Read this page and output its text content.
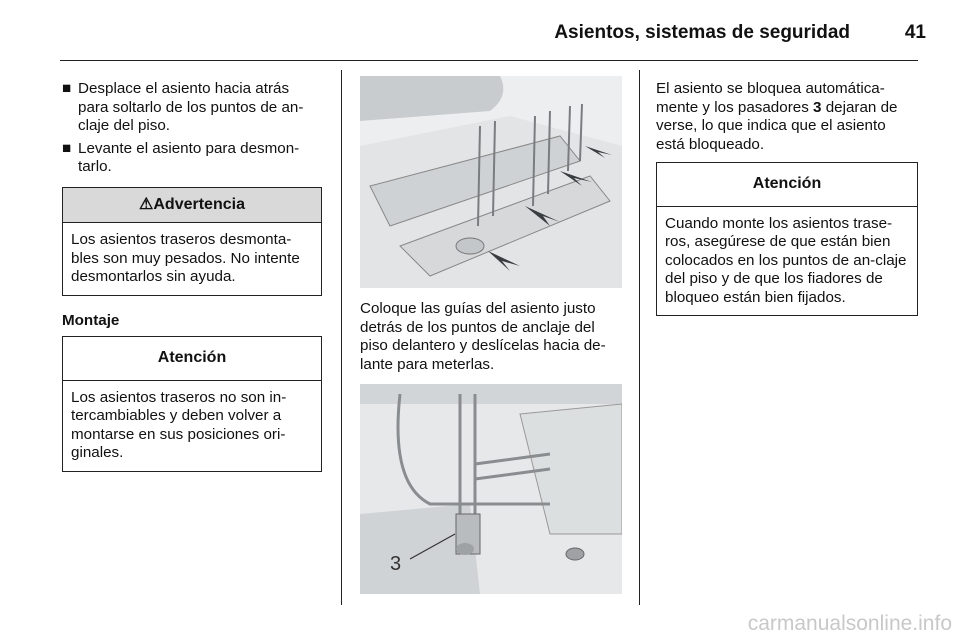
Asientos, sistemas de seguridad	41
■ Desplace el asiento hacia atrás para soltarlo de los puntos de an-claje del piso.
■ Levante el asiento para desmon-tarlo.
⚠Advertencia
Los asientos traseros desmonta-bles son muy pesados. No intente desmontarlos sin ayuda.
Montaje
Atención
Los asientos traseros no son in-tercambiables y deben volver a montarse en sus posiciones ori-ginales.
Coloque las guías del asiento justo detrás de los puntos de anclaje del piso delantero y deslícelas hacia de-lante para meterlas.
3
El asiento se bloquea automática-mente y los pasadores 3 dejaran de verse, lo que indica que el asiento está bloqueado.
Atención
Cuando monte los asientos trase-ros, asegúrese de que están bien colocados en los puntos de an-claje del piso y de que los fiadores de bloqueo están bien fijados.
carmanualsonline.info
